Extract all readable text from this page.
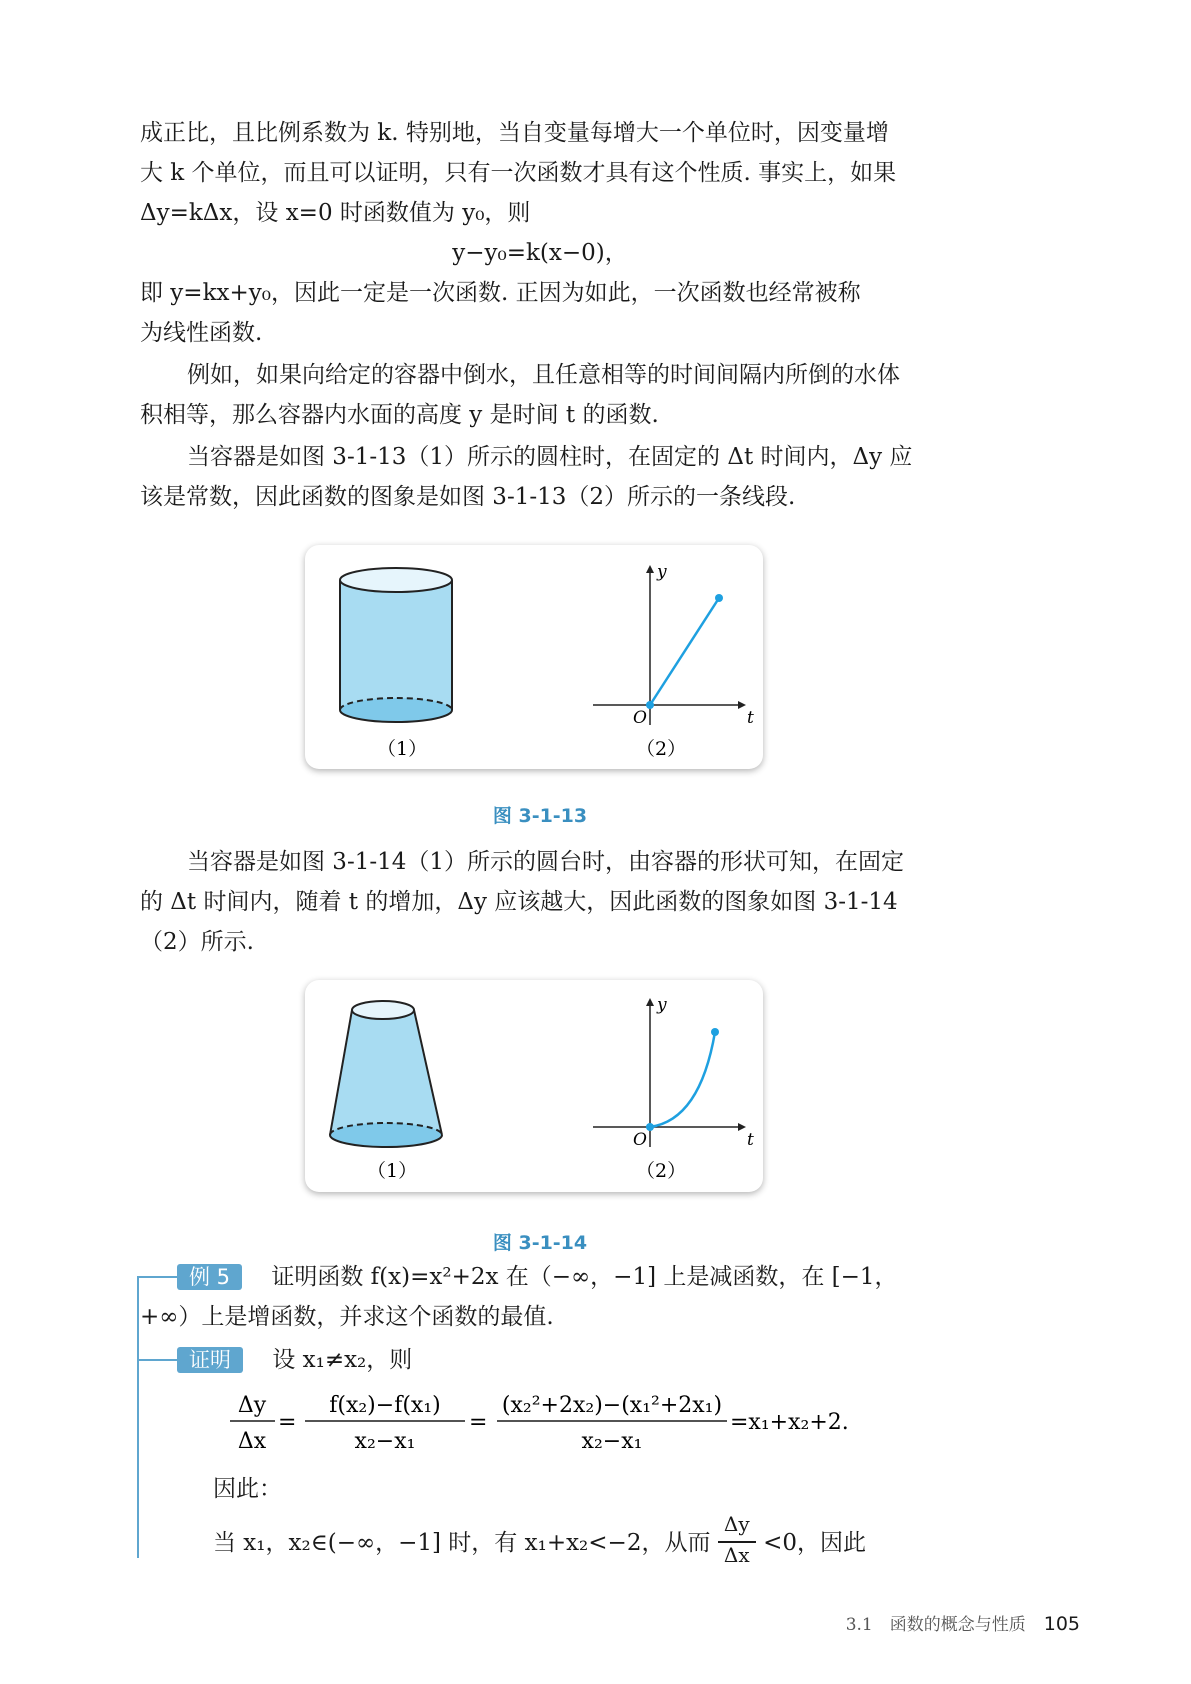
成正比，且比例系数为 k. 特别地，当自变量每增大一个单位时，因变量增
大 k 个单位，而且可以证明，只有一次函数才具有这个性质. 事实上，如果
Δy=kΔx，设 x=0 时函数值为 y₀，则
y−y₀=k(x−0)，
即 y=kx+y₀，因此一定是一次函数. 正因为如此，一次函数也经常被称
为线性函数.
例如，如果向给定的容器中倒水，且任意相等的时间间隔内所倒的水体
积相等，那么容器内水面的高度 y 是时间 t 的函数.
当容器是如图 3-1-13（1）所示的圆柱时，在固定的 Δt 时间内，Δy 应
该是常数，因此函数的图象是如图 3-1-13（2）所示的一条线段.
y
t
O
（1）	（2）
图 3-1-13
当容器是如图 3-1-14（1）所示的圆台时，由容器的形状可知，在固定
的 Δt 时间内，随着 t 的增加，Δy 应该越大，因此函数的图象如图 3-1-14
（2）所示.
y
t
O
（1）	（2）
图 3-1-14
例 5 证明函数 f(x)=x²+2x 在（−∞，−1] 上是减函数，在 [−1，
+∞）上是增函数，并求这个函数的最值.
证明 设 x₁≠x₂，则
Δy
Δx
=
f(x₂)−f(x₁)
x₂−x₁
=
(x₂²+2x₂)−(x₁²+2x₁)
x₂−x₁
=x₁+x₂+2.
因此：
当 x₁，x₂∈(−∞，−1] 时，有 x₁+x₂<−2，从而 $\frac{\Delta y}{\Delta x} <0$，因此
3.1　函数的概念与性质 105
